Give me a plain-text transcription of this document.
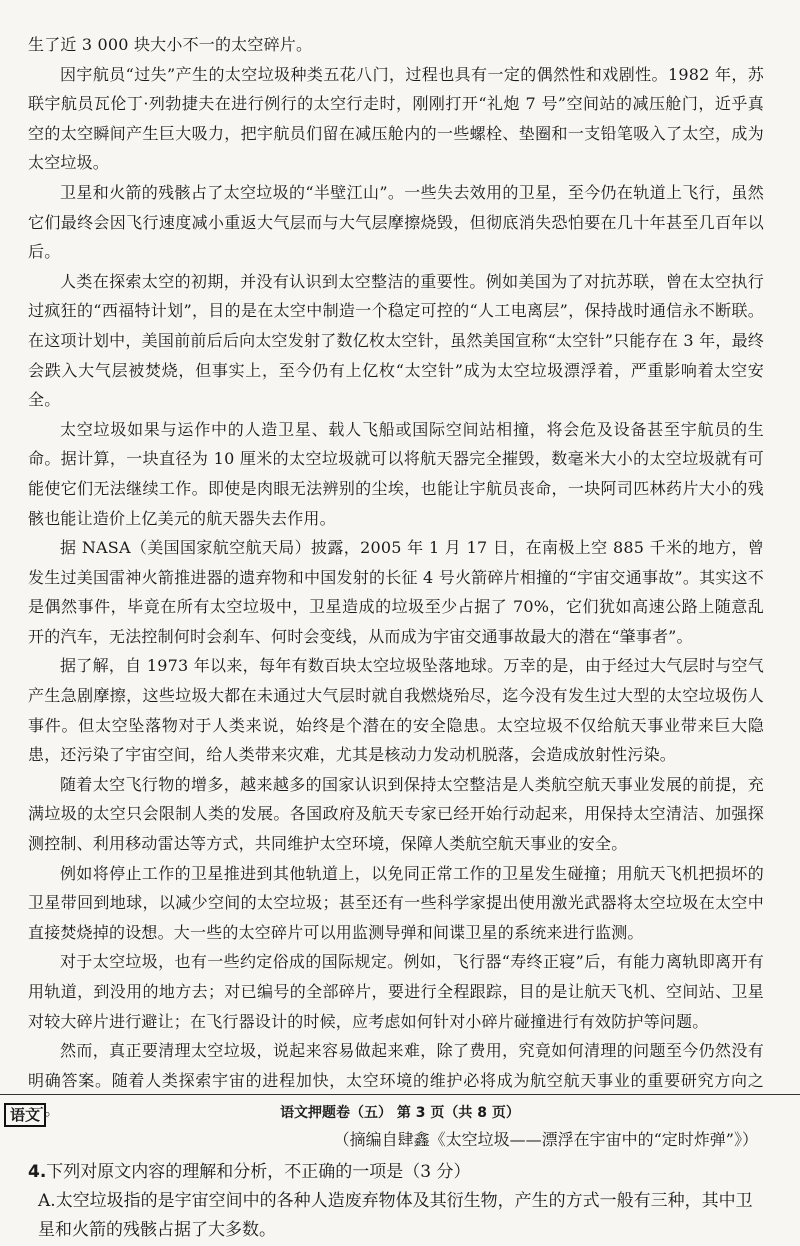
生了近 3 000 块大小不一的太空碎片。

因宇航员“过失”产生的太空垃圾种类五花八门，过程也具有一定的偶然性和戏剧性。1982 年，苏联宇航员瓦伦丁·列勃捷夫在进行例行的太空行走时，刚刚打开“礼炮 7 号”空间站的减压舱门，近乎真空的太空瞬间产生巨大吸力，把宇航员们留在减压舱内的一些螺栓、垫圈和一支铅笔吸入了太空，成为太空垃圾。

卫星和火箭的残骸占了太空垃圾的“半壁江山”。一些失去效用的卫星，至今仍在轨道上飞行，虽然它们最终会因飞行速度减小重返大气层而与大气层摩擦烧毁，但彻底消失恐怕要在几十年甚至几百年以后。

人类在探索太空的初期，并没有认识到太空整洁的重要性。例如美国为了对抗苏联，曾在太空执行过疯狂的“西福特计划”，目的是在太空中制造一个稳定可控的“人工电离层”，保持战时通信永不断联。在这项计划中，美国前前后后向太空发射了数亿枚太空针，虽然美国宣称“太空针”只能存在 3 年，最终会跌入大气层被焚烧，但事实上，至今仍有上亿枚“太空针”成为太空垃圾漂浮着，严重影响着太空安全。

太空垃圾如果与运作中的人造卫星、载人飞船或国际空间站相撞，将会危及设备甚至宇航员的生命。据计算，一块直径为 10 厘米的太空垃圾就可以将航天器完全摧毁，数毫米大小的太空垃圾就有可能使它们无法继续工作。即使是肉眼无法辨别的尘埃，也能让宇航员丧命，一块阿司匹林药片大小的残骸也能让造价上亿美元的航天器失去作用。

据 NASA（美国国家航空航天局）披露，2005 年 1 月 17 日，在南极上空 885 千米的地方，曾发生过美国雷神火箭推进器的遗弃物和中国发射的长征 4 号火箭碎片相撞的“宇宙交通事故”。其实这不是偶然事件，毕竟在所有太空垃圾中，卫星造成的垃圾至少占据了 70%，它们犹如高速公路上随意乱开的汽车，无法控制何时会刹车、何时会变线，从而成为宇宙交通事故最大的潜在“肇事者”。

据了解，自 1973 年以来，每年有数百块太空垃圾坠落地球。万幸的是，由于经过大气层时与空气产生急剧摩擦，这些垃圾大都在未通过大气层时就自我燃烧殆尽，迄今没有发生过大型的太空垃圾伤人事件。但太空坠落物对于人类来说，始终是个潜在的安全隐患。太空垃圾不仅给航天事业带来巨大隐患，还污染了宇宙空间，给人类带来灾难，尤其是核动力发动机脱落，会造成放射性污染。

随着太空飞行物的增多，越来越多的国家认识到保持太空整洁是人类航空航天事业发展的前提，充满垃圾的太空只会限制人类的发展。各国政府及航天专家已经开始行动起来，用保持太空清洁、加强探测控制、利用移动雷达等方式，共同维护太空环境，保障人类航空航天事业的安全。

例如将停止工作的卫星推进到其他轨道上，以免同正常工作的卫星发生碰撞；用航天飞机把损坏的卫星带回到地球，以减少空间的太空垃圾；甚至还有一些科学家提出使用激光武器将太空垃圾在太空中直接焚烧掉的设想。大一些的太空碎片可以用监测导弹和间谍卫星的系统来进行监测。

对于太空垃圾，也有一些约定俗成的国际规定。例如，飞行器“寿终正寝”后，有能力离轨即离开有用轨道，到没用的地方去；对已编号的全部碎片，要进行全程跟踪，目的是让航天飞机、空间站、卫星对较大碎片进行避让；在飞行器设计的时候，应考虑如何针对小碎片碰撞进行有效防护等问题。

然而，真正要清理太空垃圾，说起来容易做起来难，除了费用，究竟如何清理的问题至今仍然没有明确答案。随着人类探索宇宙的进程加快，太空环境的维护必将成为航空航天事业的重要研究方向之一。

（摘编自肆鑫《太空垃圾——漂浮在宇宙中的“定时炸弹”》）

4.下列对原文内容的理解和分析，不正确的一项是（3 分）

A.太空垃圾指的是宇宙空间中的各种人造废弃物体及其衍生物，产生的方式一般有三种，其中卫星和火箭的残骸占据了大多数。

语文	语文押题卷（五） 第 3 页（共 8 页）
